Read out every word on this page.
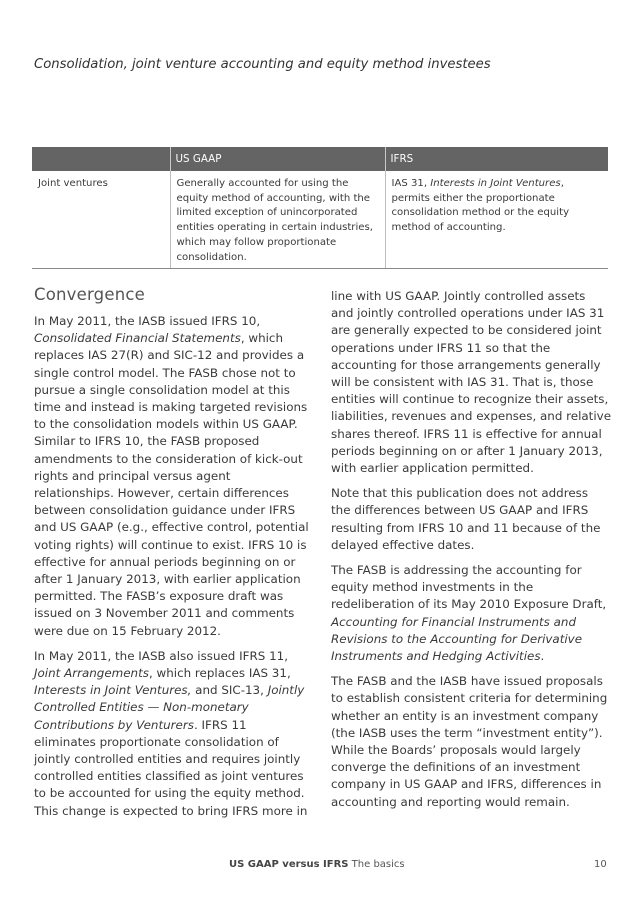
Consolidation, joint venture accounting and equity method investees
	US GAAP	IFRS
Joint ventures	Generally accounted for using the equity method of accounting, with the limited exception of unincorporated entities operating in certain industries, which may follow proportionate consolidation.	IAS 31, Interests in Joint Ventures, permits either the proportionate consolidation method or the equity method of accounting.
Convergence

In May 2011, the IASB issued IFRS 10, Consolidated Financial Statements, which replaces IAS 27(R) and SIC-12 and provides a single control model. The FASB chose not to pursue a single consolidation model at this time and instead is making targeted revisions to the consolidation models within US GAAP. Similar to IFRS 10, the FASB proposed amendments to the consideration of kick-out rights and principal versus agent relationships. However, certain differences between consolidation guidance under IFRS and US GAAP (e.g., effective control, potential voting rights) will continue to exist. IFRS 10 is effective for annual periods beginning on or after 1 January 2013, with earlier application permitted. The FASB’s exposure draft was issued on 3 November 2011 and comments were due on 15 February 2012.

In May 2011, the IASB also issued IFRS 11, Joint Arrangements, which replaces IAS 31, Interests in Joint Ventures, and SIC-13, Jointly Controlled Entities — Non-monetary Contributions by Venturers. IFRS 11 eliminates proportionate consolidation of jointly controlled entities and requires jointly controlled entities classified as joint ventures to be accounted for using the equity method. This change is expected to bring IFRS more in

line with US GAAP. Jointly controlled assets and jointly controlled operations under IAS 31 are generally expected to be considered joint operations under IFRS 11 so that the accounting for those arrangements generally will be consistent with IAS 31. That is, those entities will continue to recognize their assets, liabilities, revenues and expenses, and relative shares thereof. IFRS 11 is effective for annual periods beginning on or after 1 January 2013, with earlier application permitted.

Note that this publication does not address the differences between US GAAP and IFRS resulting from IFRS 10 and 11 because of the delayed effective dates.

The FASB is addressing the accounting for equity method investments in the redeliberation of its May 2010 Exposure Draft, Accounting for Financial Instruments and Revisions to the Accounting for Derivative Instruments and Hedging Activities.

The FASB and the IASB have issued proposals to establish consistent criteria for determining whether an entity is an investment company (the IASB uses the term “investment entity”). While the Boards’ proposals would largely converge the definitions of an investment company in US GAAP and IFRS, differences in accounting and reporting would remain.

US GAAP versus IFRS The basics	10
